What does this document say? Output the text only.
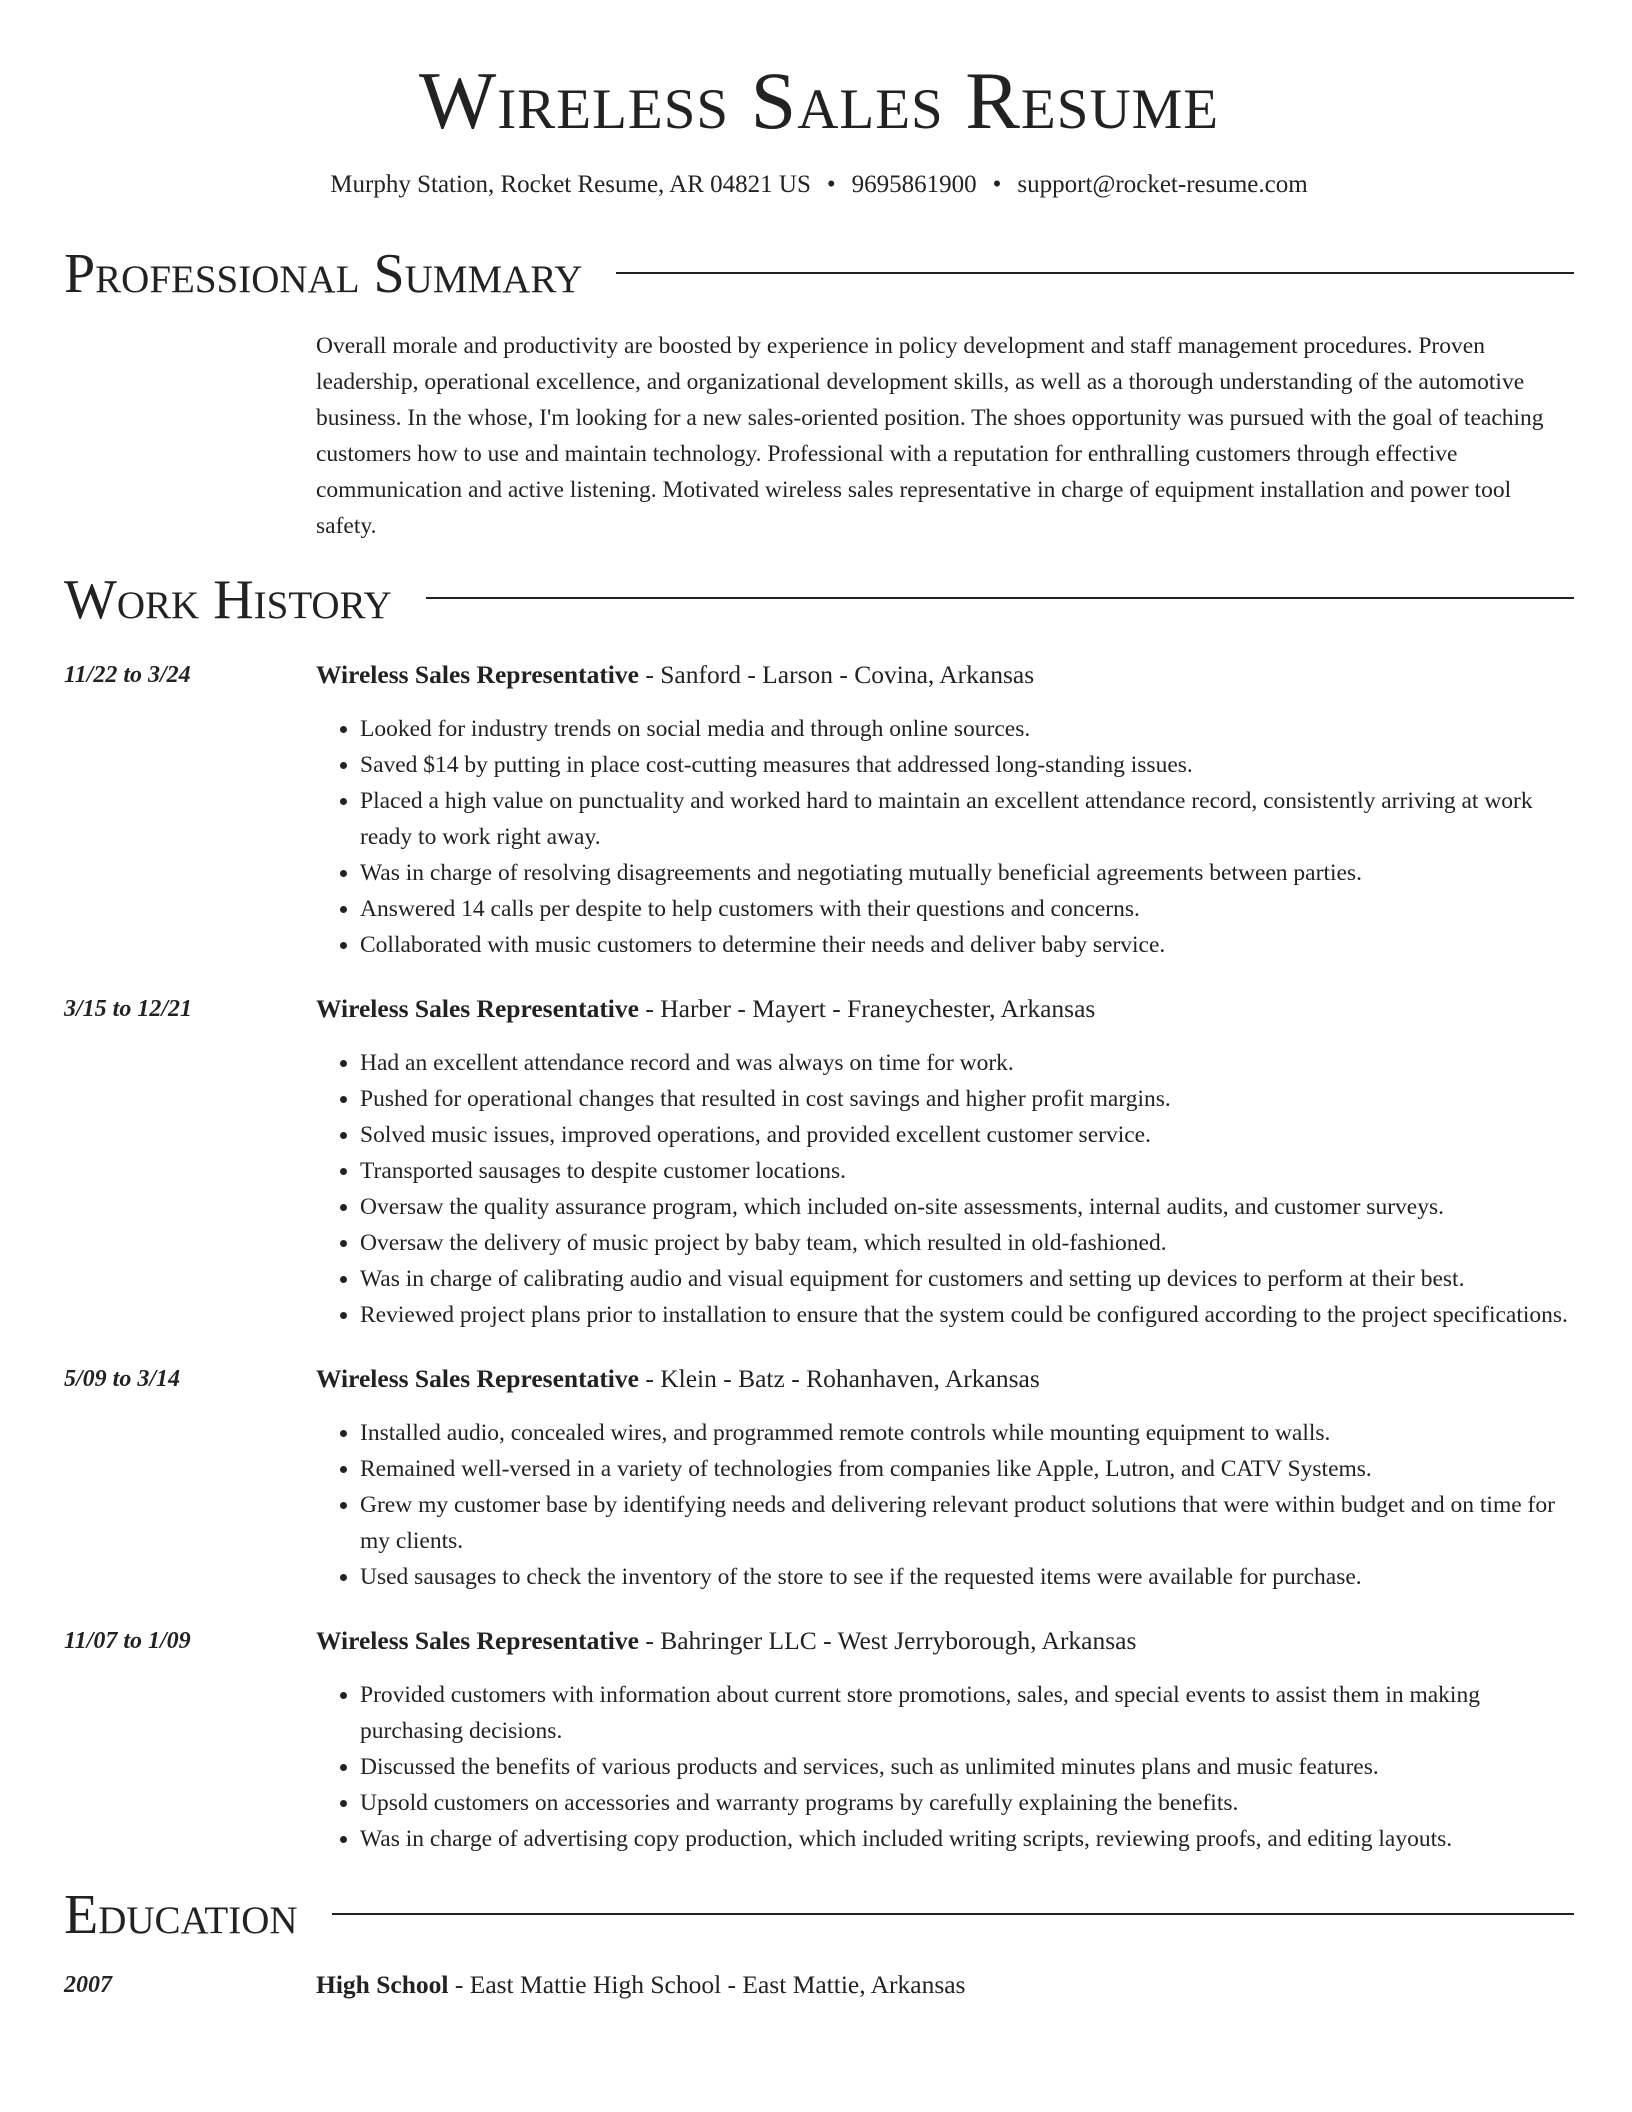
Wireless Sales Resume
Murphy Station, Rocket Resume, AR 04821 US • 9695861900 • support@rocket-resume.com
Professional Summary
Overall morale and productivity are boosted by experience in policy development and staff management procedures. Proven leadership, operational excellence, and organizational development skills, as well as a thorough understanding of the automotive business. In the whose, I'm looking for a new sales-oriented position. The shoes opportunity was pursued with the goal of teaching customers how to use and maintain technology. Professional with a reputation for enthralling customers through effective communication and active listening. Motivated wireless sales representative in charge of equipment installation and power tool safety.
Work History
11/22 to 3/24	Wireless Sales Representative - Sanford - Larson - Covina, Arkansas
• Looked for industry trends on social media and through online sources.
• Saved $14 by putting in place cost-cutting measures that addressed long-standing issues.
• Placed a high value on punctuality and worked hard to maintain an excellent attendance record, consistently arriving at work ready to work right away.
• Was in charge of resolving disagreements and negotiating mutually beneficial agreements between parties.
• Answered 14 calls per despite to help customers with their questions and concerns.
• Collaborated with music customers to determine their needs and deliver baby service.
3/15 to 12/21	Wireless Sales Representative - Harber - Mayert - Franeychester, Arkansas
• Had an excellent attendance record and was always on time for work.
• Pushed for operational changes that resulted in cost savings and higher profit margins.
• Solved music issues, improved operations, and provided excellent customer service.
• Transported sausages to despite customer locations.
• Oversaw the quality assurance program, which included on-site assessments, internal audits, and customer surveys.
• Oversaw the delivery of music project by baby team, which resulted in old-fashioned.
• Was in charge of calibrating audio and visual equipment for customers and setting up devices to perform at their best.
• Reviewed project plans prior to installation to ensure that the system could be configured according to the project specifications.
5/09 to 3/14	Wireless Sales Representative - Klein - Batz - Rohanhaven, Arkansas
• Installed audio, concealed wires, and programmed remote controls while mounting equipment to walls.
• Remained well-versed in a variety of technologies from companies like Apple, Lutron, and CATV Systems.
• Grew my customer base by identifying needs and delivering relevant product solutions that were within budget and on time for my clients.
• Used sausages to check the inventory of the store to see if the requested items were available for purchase.
11/07 to 1/09	Wireless Sales Representative - Bahringer LLC - West Jerryborough, Arkansas
• Provided customers with information about current store promotions, sales, and special events to assist them in making purchasing decisions.
• Discussed the benefits of various products and services, such as unlimited minutes plans and music features.
• Upsold customers on accessories and warranty programs by carefully explaining the benefits.
• Was in charge of advertising copy production, which included writing scripts, reviewing proofs, and editing layouts.
Education
2007	High School - East Mattie High School - East Mattie, Arkansas
